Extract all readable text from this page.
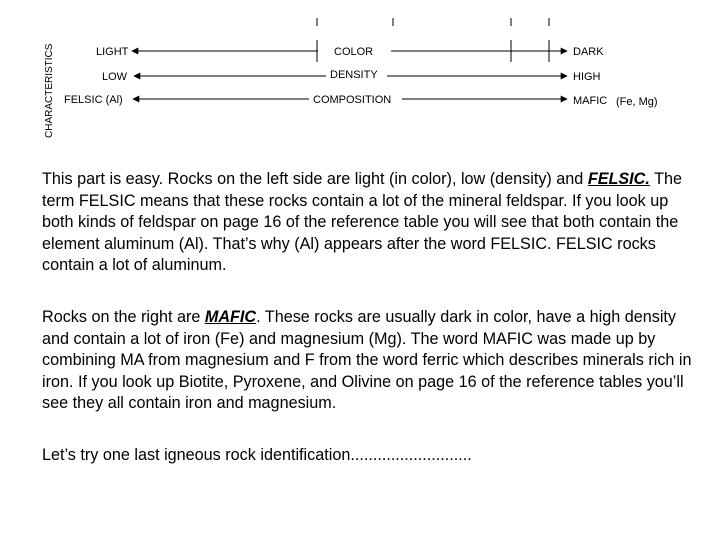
CHARACTERISTICS	LIGHT	COLOR	DARK
LOW	DENSITY	HIGH
FELSIC (Al)	COMPOSITION	MAFIC (Fe, Mg)

This part is easy. Rocks on the left side are light (in color), low (density) and FELSIC. The term FELSIC means that these rocks contain a lot of the mineral feldspar. If you look up both kinds of feldspar on page 16 of the reference table you will see that both contain the element aluminum (Al). That’s why (Al) appears after the word FELSIC. FELSIC rocks contain a lot of aluminum.

Rocks on the right are MAFIC. These rocks are usually dark in color, have a high density and contain a lot of iron (Fe) and magnesium (Mg). The word MAFIC was made up by combining MA from magnesium and F from the word ferric which describes minerals rich in iron. If you look up Biotite, Pyroxene, and Olivine on page 16 of the reference tables you’ll see they all contain iron and magnesium.

Let’s try one last igneous rock identification...........................
